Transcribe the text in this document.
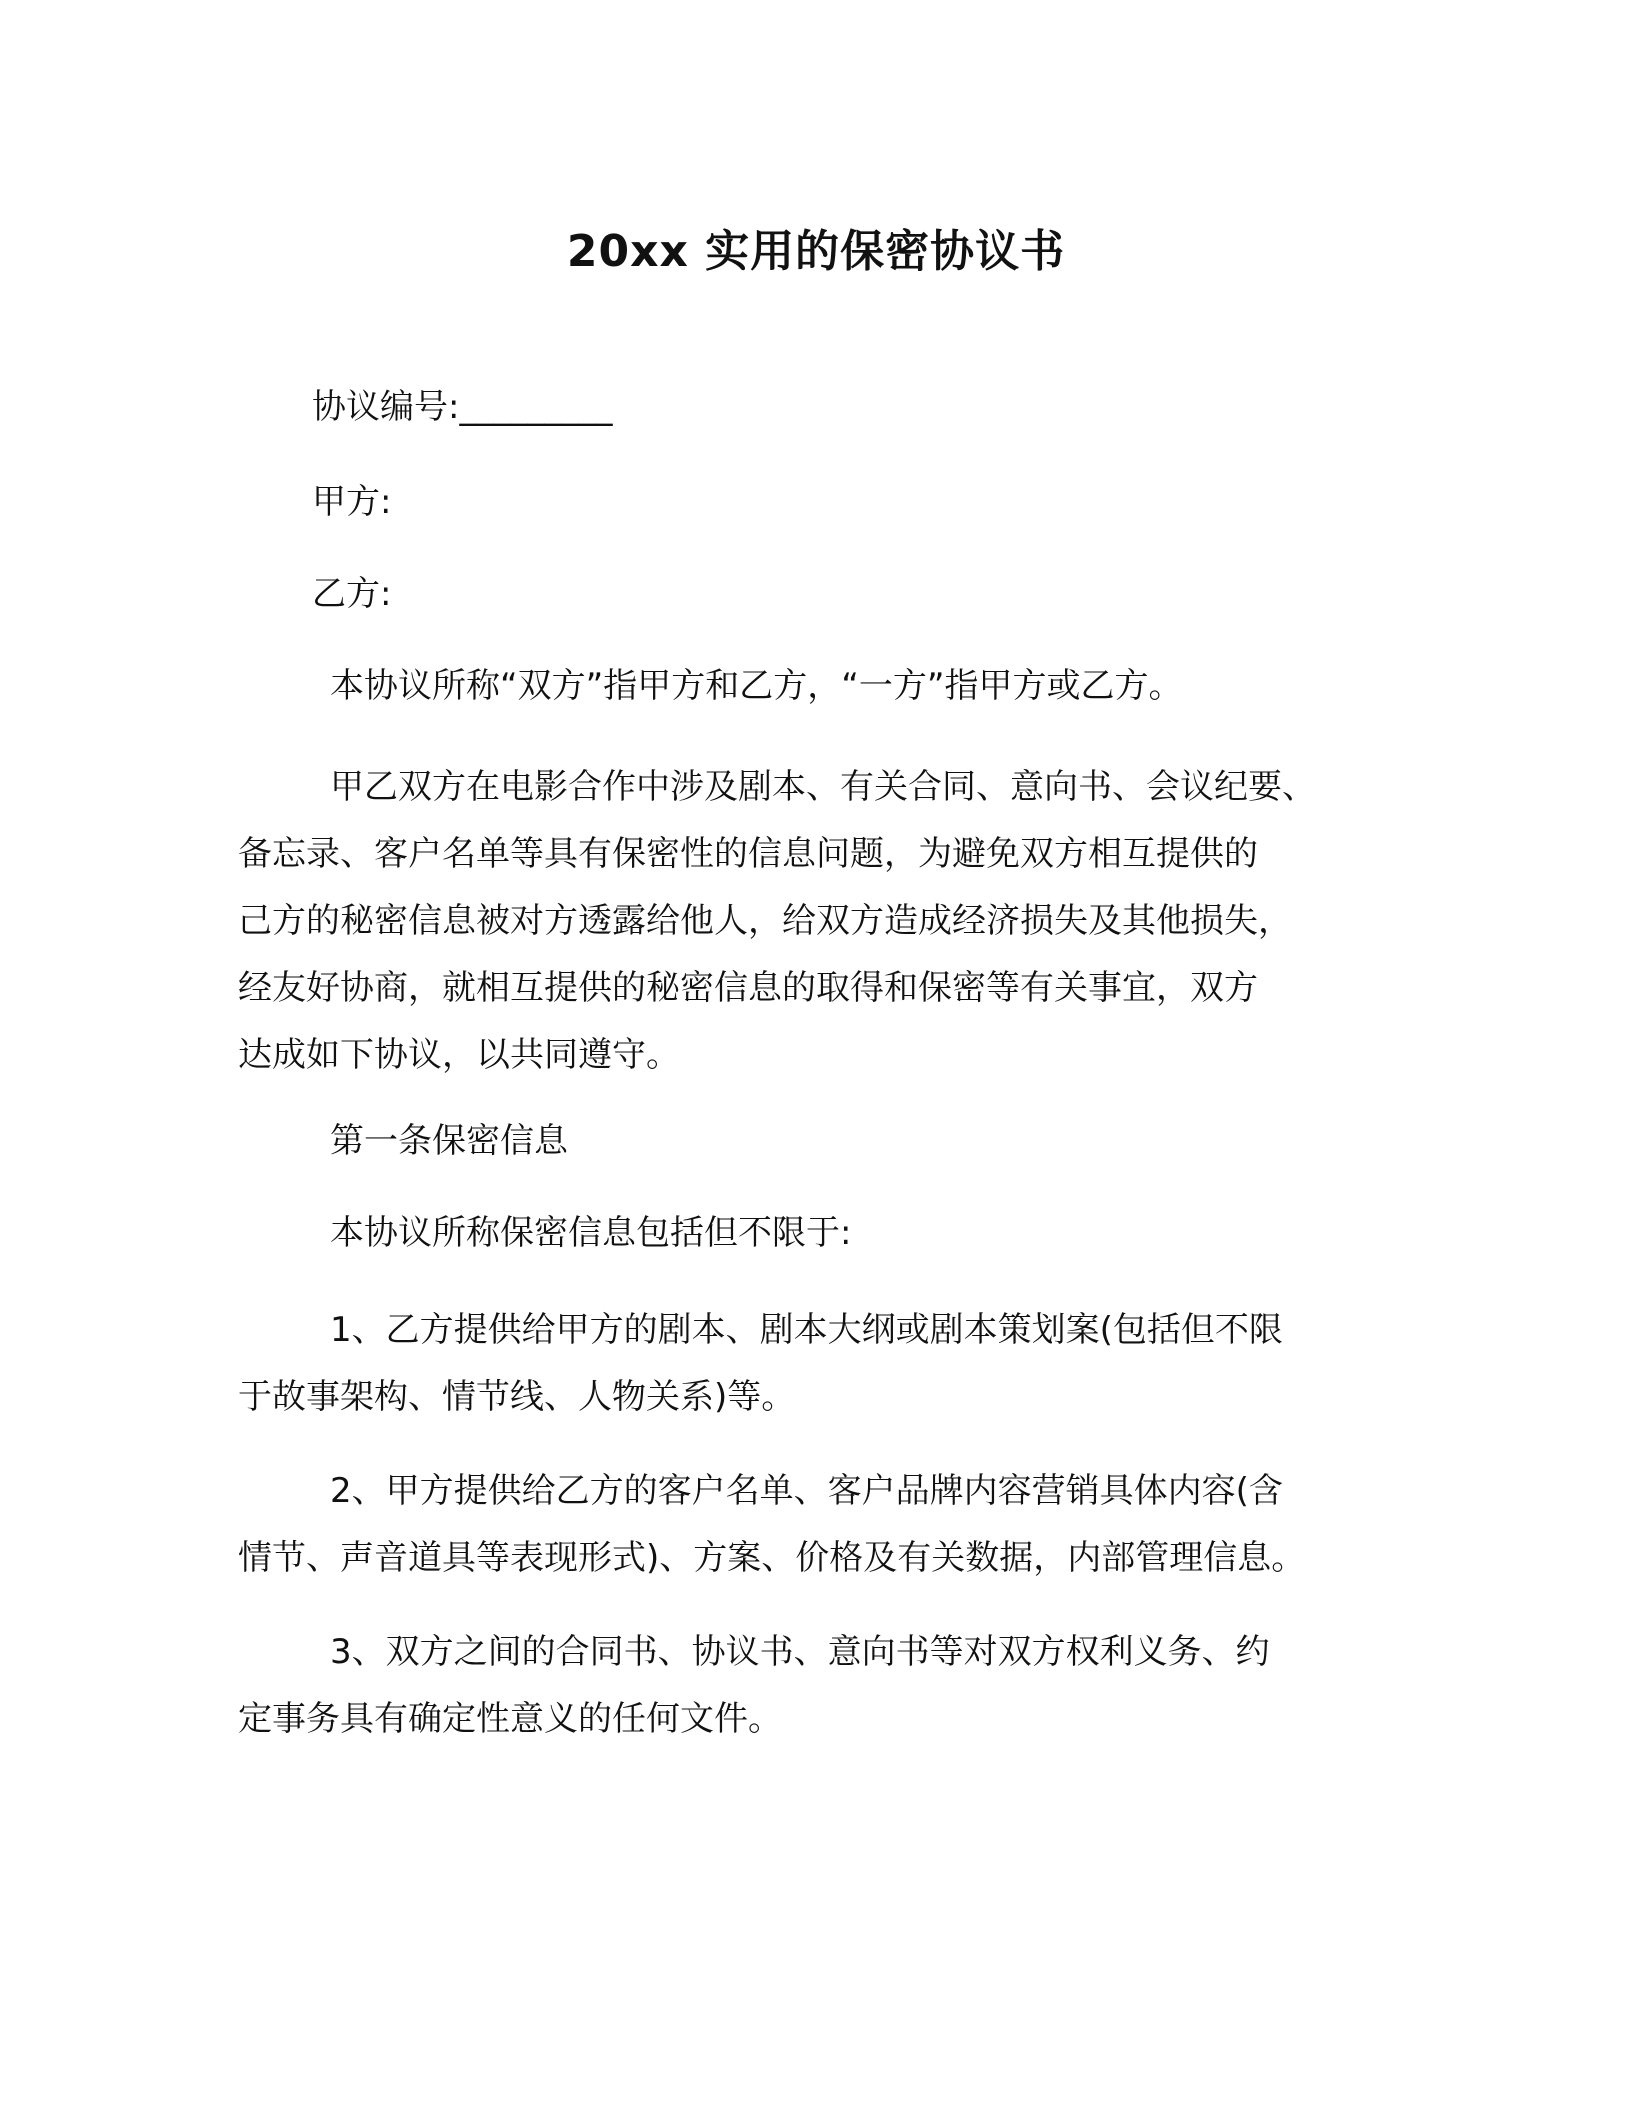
20xx 实用的保密协议书
协议编号:_________
甲方:
乙方:
本协议所称“双方”指甲方和乙方，“一方”指甲方或乙方。
甲乙双方在电影合作中涉及剧本、有关合同、意向书、会议纪要、
备忘录、客户名单等具有保密性的信息问题，为避免双方相互提供的
己方的秘密信息被对方透露给他人，给双方造成经济损失及其他损失，
经友好协商，就相互提供的秘密信息的取得和保密等有关事宜，双方
达成如下协议，以共同遵守。
第一条保密信息
本协议所称保密信息包括但不限于:
1、乙方提供给甲方的剧本、剧本大纲或剧本策划案(包括但不限
于故事架构、情节线、人物关系)等。
2、甲方提供给乙方的客户名单、客户品牌内容营销具体内容(含
情节、声音道具等表现形式)、方案、价格及有关数据，内部管理信息。
3、双方之间的合同书、协议书、意向书等对双方权利义务、约
定事务具有确定性意义的任何文件。
